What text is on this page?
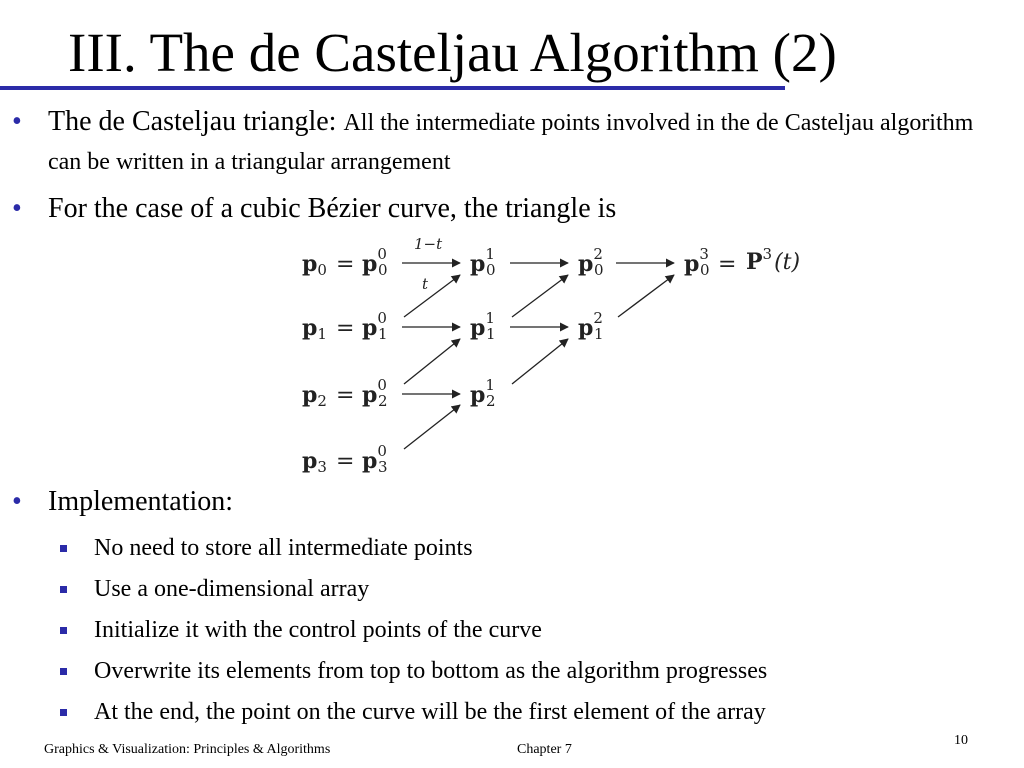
III. The de Casteljau Algorithm (2)
• The de Casteljau triangle: All the intermediate points involved in the de Casteljau algorithm can be written in a triangular arrangement
• For the case of a cubic Bézier curve, the triangle is
p0 = p0 0
p1 = p0 1
p2 = p0 2
p3 = p0 3
p1 0
p1 1
p1 2
p2 0
p2 1
p3 0 = P3(t)
1−t
t
• Implementation:
No need to store all intermediate points
Use a one-dimensional array
Initialize it with the control points of the curve
Overwrite its elements from top to bottom as the algorithm progresses
At the end, the point on the curve will be the first element of the array
Graphics & Visualization: Principles & Algorithms	Chapter 7
10
